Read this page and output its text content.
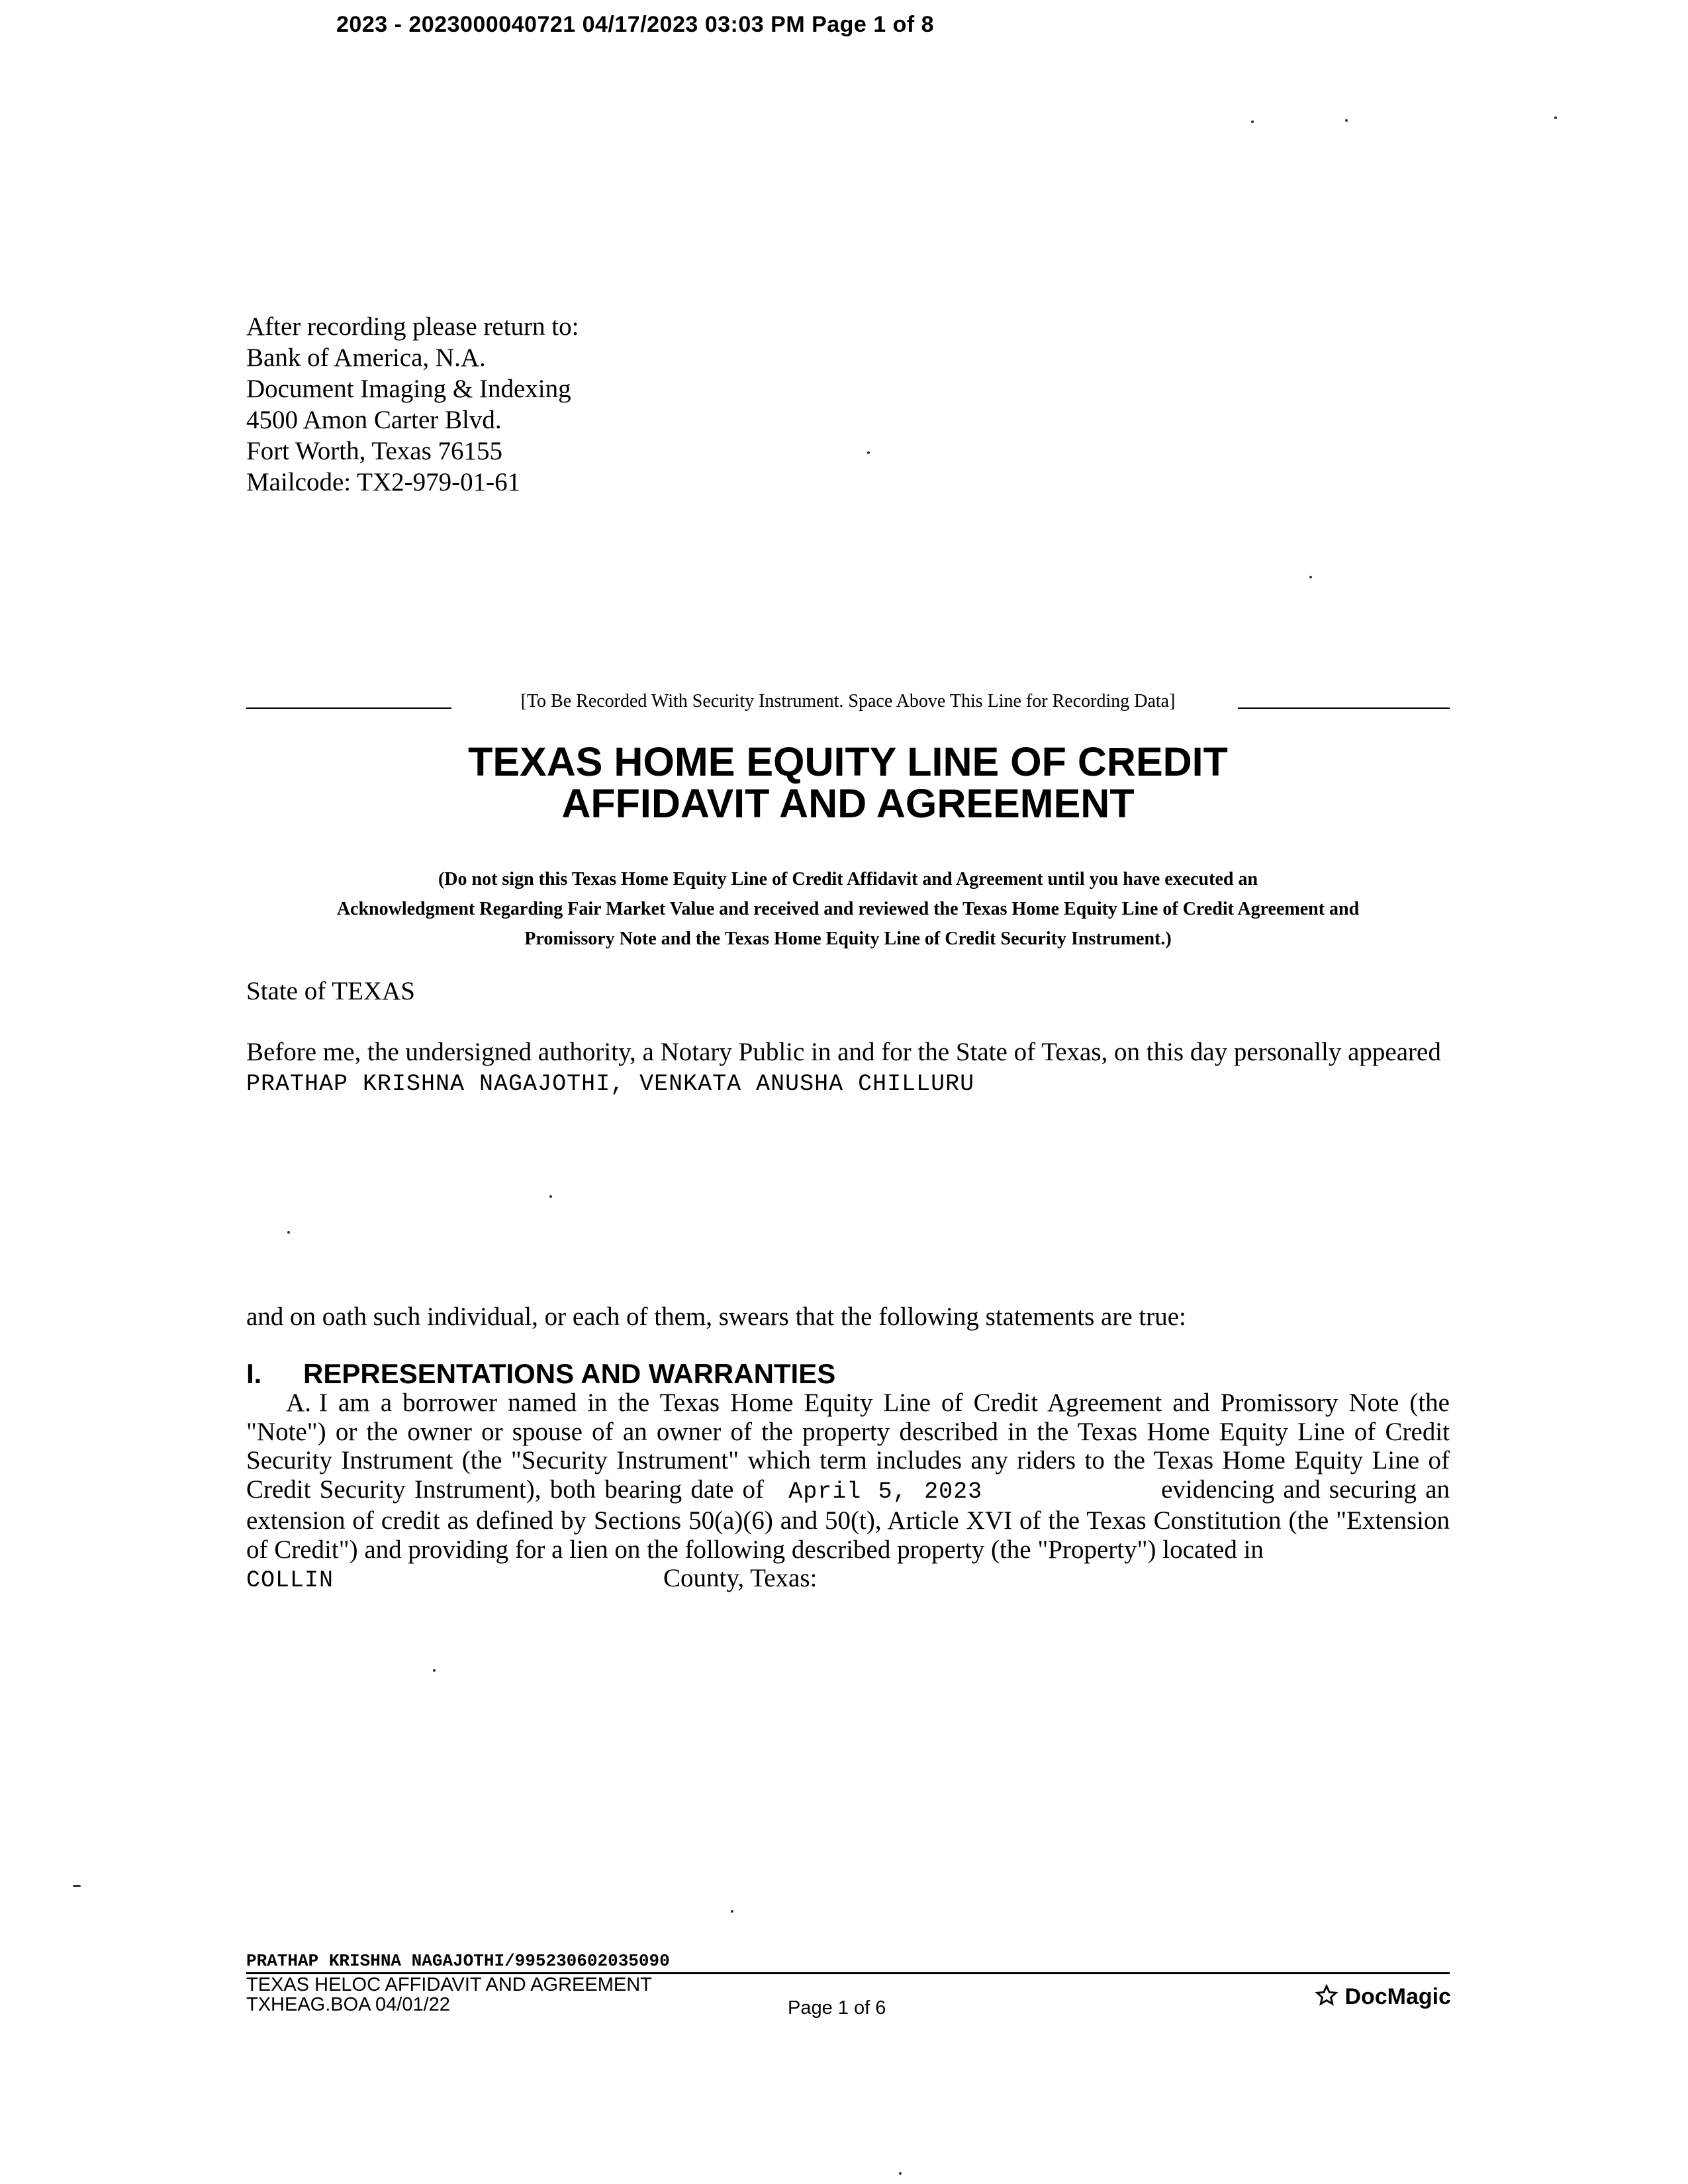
2023 - 2023000040721 04/17/2023 03:03 PM Page 1 of 8
After recording please return to:
Bank of America, N.A.
Document Imaging & Indexing
4500 Amon Carter Blvd.
Fort Worth, Texas 76155
Mailcode: TX2-979-01-61
[To Be Recorded With Security Instrument. Space Above This Line for Recording Data]
TEXAS HOME EQUITY LINE OF CREDIT
AFFIDAVIT AND AGREEMENT
(Do not sign this Texas Home Equity Line of Credit Affidavit and Agreement until you have executed an
Acknowledgment Regarding Fair Market Value and received and reviewed the Texas Home Equity Line of Credit Agreement and
Promissory Note and the Texas Home Equity Line of Credit Security Instrument.)
State of TEXAS
Before me, the undersigned authority, a Notary Public in and for the State of Texas, on this day personally appeared
PRATHAP KRISHNA NAGAJOTHI, VENKATA ANUSHA CHILLURU
and on oath such individual, or each of them, swears that the following statements are true:
I. REPRESENTATIONS AND WARRANTIES
A. I am a borrower named in the Texas Home Equity Line of Credit Agreement and Promissory Note (the "Note") or the owner or spouse of an owner of the property described in the Texas Home Equity Line of Credit Security Instrument (the "Security Instrument" which term includes any riders to the Texas Home Equity Line of Credit Security Instrument), both bearing date of April 5, 2023	evidencing and securing an extension of credit as defined by Sections 50(a)(6) and 50(t), Article XVI of the Texas Constitution (the "Extension of Credit") and providing for a lien on the following described property (the "Property") located in
COLLIN	County, Texas:
PRATHAP KRISHNA NAGAJOTHI/995230602035090
TEXAS HELOC AFFIDAVIT AND AGREEMENT
TXHEAG.BOA 04/01/22	Page 1 of 6	DocMagic
